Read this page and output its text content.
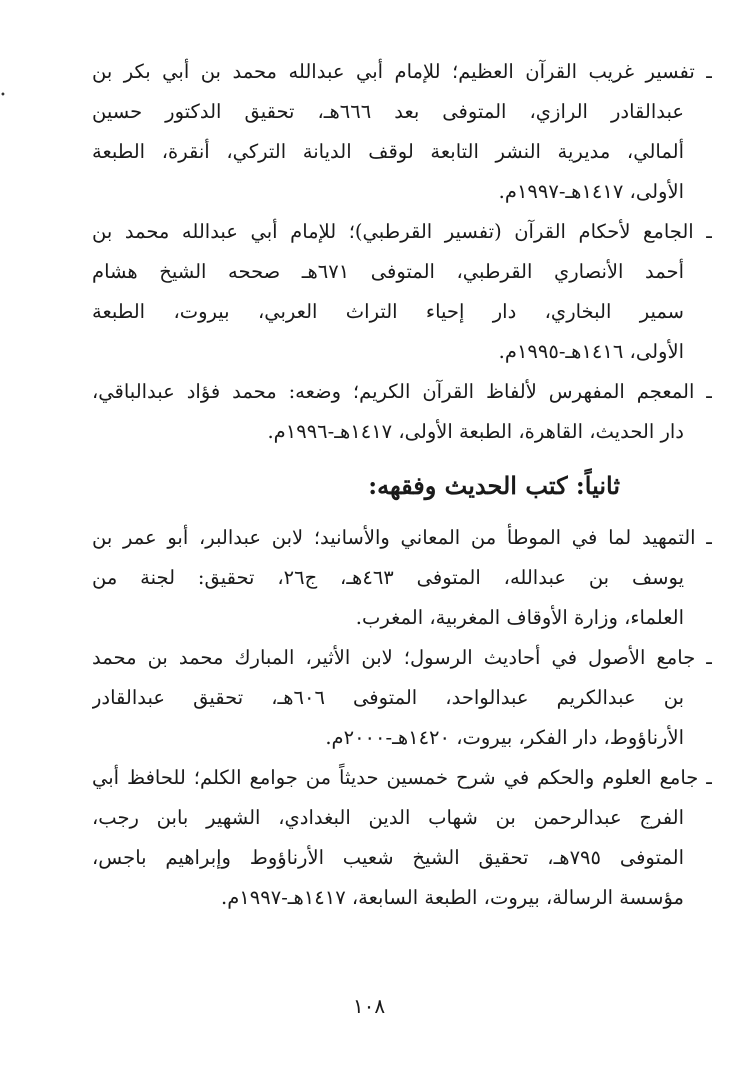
•
ـ تفسير غريب القرآن العظيم؛ للإمام أبي عبدالله محمد بن أبي بكر بن
عبدالقادر الرازي، المتوفى بعد ٦٦٦هـ، تحقيق الدكتور حسين
ألمالي، مديرية النشر التابعة لوقف الديانة التركي، أنقرة، الطبعة
الأولى، ١٤١٧هـ-١٩٩٧م.
ـ الجامع لأحكام القرآن (تفسير القرطبي)؛ للإمام أبي عبدالله محمد بن
أحمد الأنصاري القرطبي، المتوفى ٦٧١هـ صححه الشيخ هشام
سمير البخاري، دار إحياء التراث العربي، بيروت، الطبعة
الأولى، ١٤١٦هـ-١٩٩٥م.
ـ المعجم المفهرس لألفاظ القرآن الكريم؛ وضعه: محمد فؤاد عبدالباقي،
دار الحديث، القاهرة، الطبعة الأولى، ١٤١٧هـ-١٩٩٦م.
ثانياً: كتب الحديث وفقهه:
ـ التمهيد لما في الموطأ من المعاني والأسانيد؛ لابن عبدالبر، أبو عمر بن
يوسف بن عبدالله، المتوفى ٤٦٣هـ، ج٢٦، تحقيق: لجنة من
العلماء، وزارة الأوقاف المغربية، المغرب.
ـ جامع الأصول في أحاديث الرسول؛ لابن الأثير، المبارك محمد بن محمد
بن عبدالكريم عبدالواحد، المتوفى ٦٠٦هـ، تحقيق عبدالقادر
الأرناؤوط، دار الفكر، بيروت، ١٤٢٠هـ-٢٠٠٠م.
ـ جامع العلوم والحكم في شرح خمسين حديثاً من جوامع الكلم؛ للحافظ أبي
الفرج عبدالرحمن بن شهاب الدين البغدادي، الشهير بابن رجب،
المتوفى ٧٩٥هـ، تحقيق الشيخ شعيب الأرناؤوط وإبراهيم باجس،
مؤسسة الرسالة، بيروت، الطبعة السابعة، ١٤١٧هـ-١٩٩٧م.
١٠٨
